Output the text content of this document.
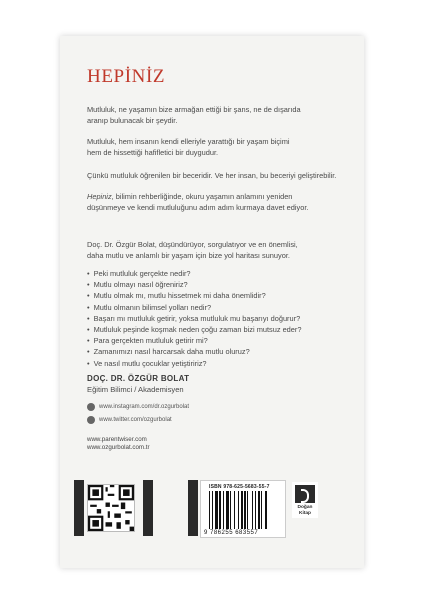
HEPİNİZ
Mutluluk, ne yaşamın bize armağan ettiği bir şans, ne de dışarıda
aranıp bulunacak bir şeydir.
Mutluluk, hem insanın kendi elleriyle yarattığı bir yaşam biçimi
hem de hissettiği hafifletici bir duygudur.
Çünkü mutluluk öğrenilen bir beceridir. Ve her insan, bu beceriyi geliştirebilir.
Hepiniz, bilimin rehberliğinde, okuru yaşamın anlamını yeniden
düşünmeye ve kendi mutluluğunu adım adım kurmaya davet ediyor.
Doç. Dr. Özgür Bolat, düşündürüyor, sorgulatıyor ve en önemlisi,
daha mutlu ve anlamlı bir yaşam için bize yol haritası sunuyor.
• Peki mutluluk gerçekte nedir?
• Mutlu olmayı nasıl öğreniriz?
• Mutlu olmak mı, mutlu hissetmek mi daha önemlidir?
• Mutlu olmanın bilimsel yolları nedir?
• Başarı mı mutluluk getirir, yoksa mutluluk mu başarıyı doğurur?
• Mutluluk peşinde koşmak neden çoğu zaman bizi mutsuz eder?
• Para gerçekten mutluluk getirir mi?
• Zamanımızı nasıl harcarsak daha mutlu oluruz?
• Ve nasıl mutlu çocuklar yetiştiririz?
DOÇ. DR. ÖZGÜR BOLAT
Eğitim Bilimci / Akademisyen
www.instagram.com/dr.ozgurbolat
www.twitter.com/ozgurbolat
www.parentwiser.com
www.ozgurbolat.com.tr
ISBN 978-625-5683-55-7
9 786255 683557
Doğan
Kitap
